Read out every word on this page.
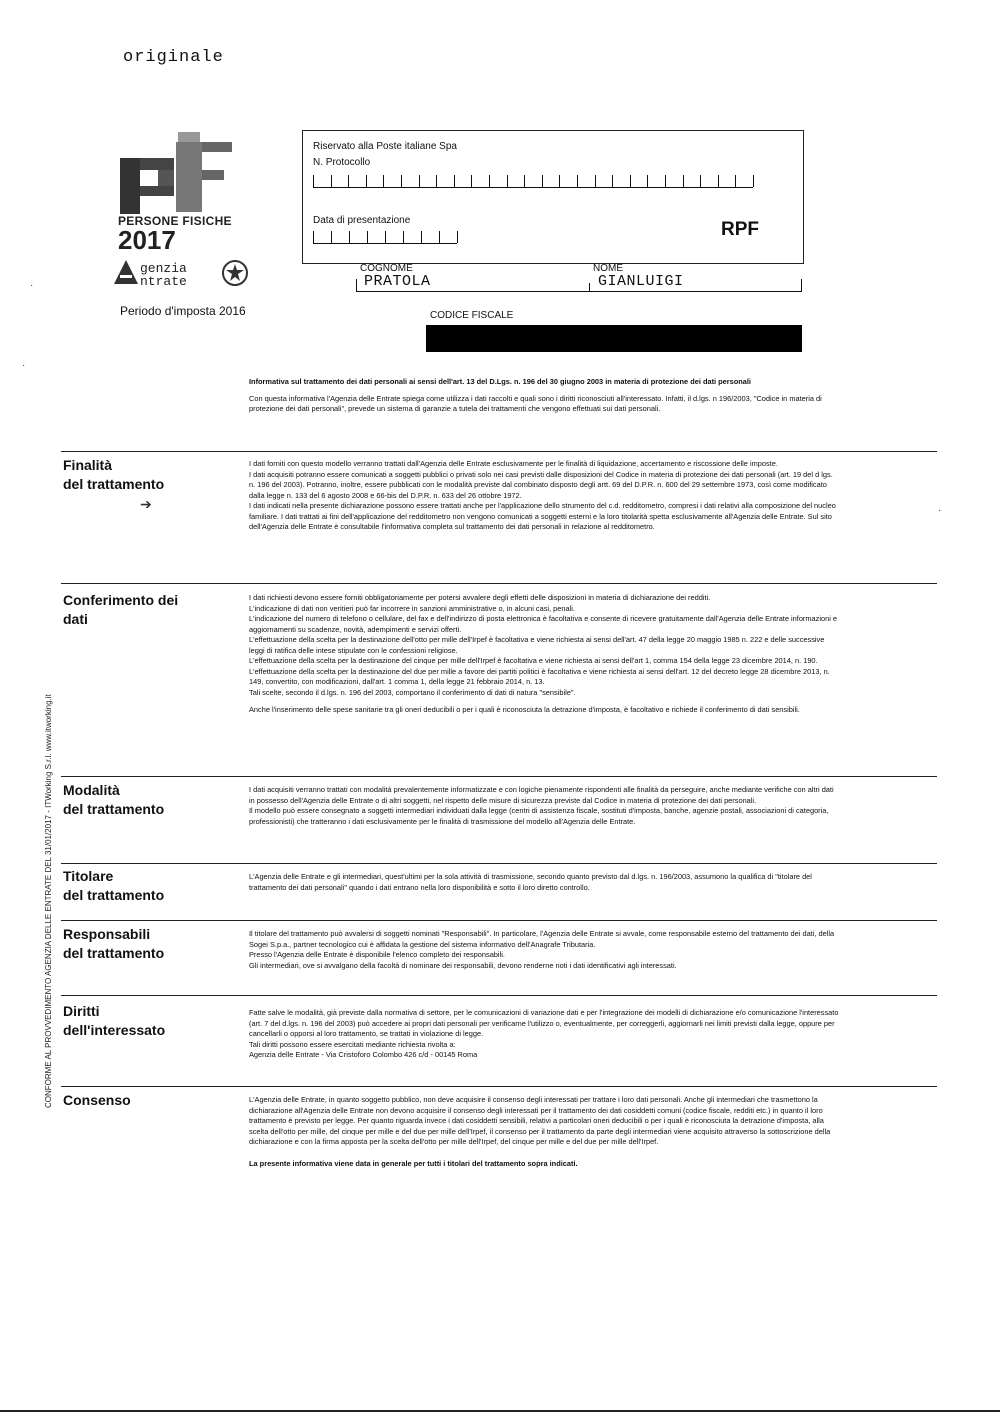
originale
PERSONE FISICHE
2017
genzia
ntrate
Periodo d'imposta 2016
Riservato alla Poste italiane Spa
N. Protocollo
Data di presentazione	RPF
COGNOME	NOME
PRATOLA	GIANLUIGI
CODICE FISCALE

Informativa sul trattamento dei dati personali ai sensi dell'art. 13 del D.Lgs. n. 196 del 30 giugno 2003 in materia di protezione dei dati personali

Con questa informativa l'Agenzia delle Entrate spiega come utilizza i dati raccolti e quali sono i diritti riconosciuti all'interessato. Infatti, il d.lgs. n 196/2003, "Codice in materia di protezione dei dati personali", prevede un sistema di garanzie a tutela dei trattamenti che vengono effettuati sui dati personali.

Finalità
del trattamento

I dati forniti con questo modello verranno trattati dall'Agenzia delle Entrate esclusivamente per le finalità di liquidazione, accertamento e riscossione delle imposte.

I dati acquisiti potranno essere comunicati a soggetti pubblici o privati solo nei casi previsti dalle disposizioni del Codice in materia di protezione dei dati personali (art. 19 del d lgs. n. 196 del 2003). Potranno, inoltre, essere pubblicati con le modalità previste dal combinato disposto degli artt. 69 del D.P.R. n. 600 del 29 settembre 1973, così come modificato dalla legge n. 133 del 6 agosto 2008 e 66-bis del D.P.R. n. 633 del 26 ottobre 1972.

I dati indicati nella presente dichiarazione possono essere trattati anche per l'applicazione dello strumento del c.d. redditometro, compresi i dati relativi alla composizione del nucleo familiare. I dati trattati ai fini dell'applicazione del redditometro non vengono comunicati a soggetti esterni e la loro titolarità spetta esclusivamente all'Agenzia delle Entrate. Sul sito dell'Agenzia delle Entrate è consultabile l'informativa completa sul trattamento dei dati personali in relazione al redditometro.

Conferimento dei
dati

I dati richiesti devono essere forniti obbligatoriamente per potersi avvalere degli effetti delle disposizioni in materia di dichiarazione dei redditi.

L'indicazione di dati non veritieri può far incorrere in sanzioni amministrative o, in alcuni casi, penali.

L'indicazione del numero di telefono o cellulare, del fax e dell'indirizzo di posta elettronica è facoltativa e consente di ricevere gratuitamente dall'Agenzia delle Entrate informazioni e aggiornamenti su scadenze, novità, adempimenti e servizi offerti.

L'effettuazione della scelta per la destinazione dell'otto per mille dell'Irpef è facoltativa e viene richiesta ai sensi dell'art. 47 della legge 20 maggio 1985 n. 222 e delle successive leggi di ratifica delle intese stipulate con le confessioni religiose.

L'effettuazione della scelta per la destinazione del cinque per mille dell'Irpef è facoltativa e viene richiesta ai sensi dell'art 1, comma 154 della legge 23 dicembre 2014, n. 190.

L'effettuazione della scelta per la destinazione del due per mille a favore dei partiti politici è facoltativa e viene richiesta ai sensi dell'art. 12 del decreto legge 28 dicembre 2013, n. 149, convertito, con modificazioni, dall'art. 1 comma 1, della legge 21 febbraio 2014, n. 13.

Tali scelte, secondo il d.lgs. n. 196 del 2003, comportano il conferimento di dati di natura "sensibile".

Anche l'inserimento delle spese sanitarie tra gli oneri deducibili o per i quali è riconosciuta la detrazione d'imposta, è facoltativo e richiede il conferimento di dati sensibili.

Modalità
del trattamento

I dati acquisiti verranno trattati con modalità prevalentemente informatizzate e con logiche pienamente rispondenti alle finalità da perseguire, anche mediante verifiche con altri dati in possesso dell'Agenzia delle Entrate o di altri soggetti, nel rispetto delle misure di sicurezza previste dal Codice in materia di protezione dei dati personali.

Il modello può essere consegnato a soggetti intermediari individuati dalla legge (centri di assistenza fiscale, sostituti d'imposta, banche, agenzie postali, associazioni di categoria, professionisti) che tratteranno i dati esclusivamente per le finalità di trasmissione del modello all'Agenzia delle Entrate.

Titolare
del trattamento

L'Agenzia delle Entrate e gli intermediari, quest'ultimi per la sola attività di trasmissione, secondo quanto previsto dal d.lgs. n. 196/2003, assumono la qualifica di "titolare del trattamento dei dati personali" quando i dati entrano nella loro disponibilità e sotto il loro diretto controllo.

Responsabili
del trattamento

Il titolare del trattamento può avvalersi di soggetti nominati "Responsabili". In particolare, l'Agenzia delle Entrate si avvale, come responsabile esterno del trattamento dei dati, della Sogei S.p.a., partner tecnologico cui è affidata la gestione del sistema informativo dell'Anagrafe Tributaria.

Presso l'Agenzia delle Entrate è disponibile l'elenco completo dei responsabili.

Gli intermediari, ove si avvalgano della facoltà di nominare dei responsabili, devono renderne noti i dati identificativi agli interessati.

Diritti
dell'interessato

Fatte salve le modalità, già previste dalla normativa di settore, per le comunicazioni di variazione dati e per l'integrazione dei modelli di dichiarazione e/o comunicazione l'interessato (art. 7 del d.lgs. n. 196 del 2003) può accedere ai propri dati personali per verificarne l'utilizzo o, eventualmente, per correggerli, aggiornarli nei limiti previsti dalla legge, oppure per cancellarli o opporsi al loro trattamento, se trattati in violazione di legge.

Tali diritti possono essere esercitati mediante richiesta rivolta a:

Agenzia delle Entrate - Via Cristoforo Colombo 426 c/d - 00145 Roma

Consenso	L'Agenzia delle Entrate, in quanto soggetto pubblico, non deve acquisire il consenso degli interessati per trattare i loro dati personali. Anche gli intermediari che trasmettono la dichiarazione all'Agenzia delle Entrate non devono acquisire il consenso degli interessati per il trattamento dei dati cosiddetti comuni (codice fiscale, redditi etc.) in quanto il loro trattamento è previsto per legge. Per quanto riguarda invece i dati cosiddetti sensibili, relativi a particolari oneri deducibili o per i quali è riconosciuta la detrazione d'imposta, alla scelta dell'otto per mille, del cinque per mille e del due per mille dell'Irpef, il consenso per il trattamento da parte degli intermediari viene acquisito attraverso la sottoscrizione della dichiarazione e con la firma apposta per la scelta dell'otto per mille dell'Irpef, del cinque per mille e del due per mille dell'Irpef.

La presente informativa viene data in generale per tutti i titolari del trattamento sopra indicati.

CONFORME AL PROVVEDIMENTO AGENZIA DELLE ENTRATE DEL 31/01/2017 - ITWorking S.r.l. www.itworking.it
·
·
·
➔
